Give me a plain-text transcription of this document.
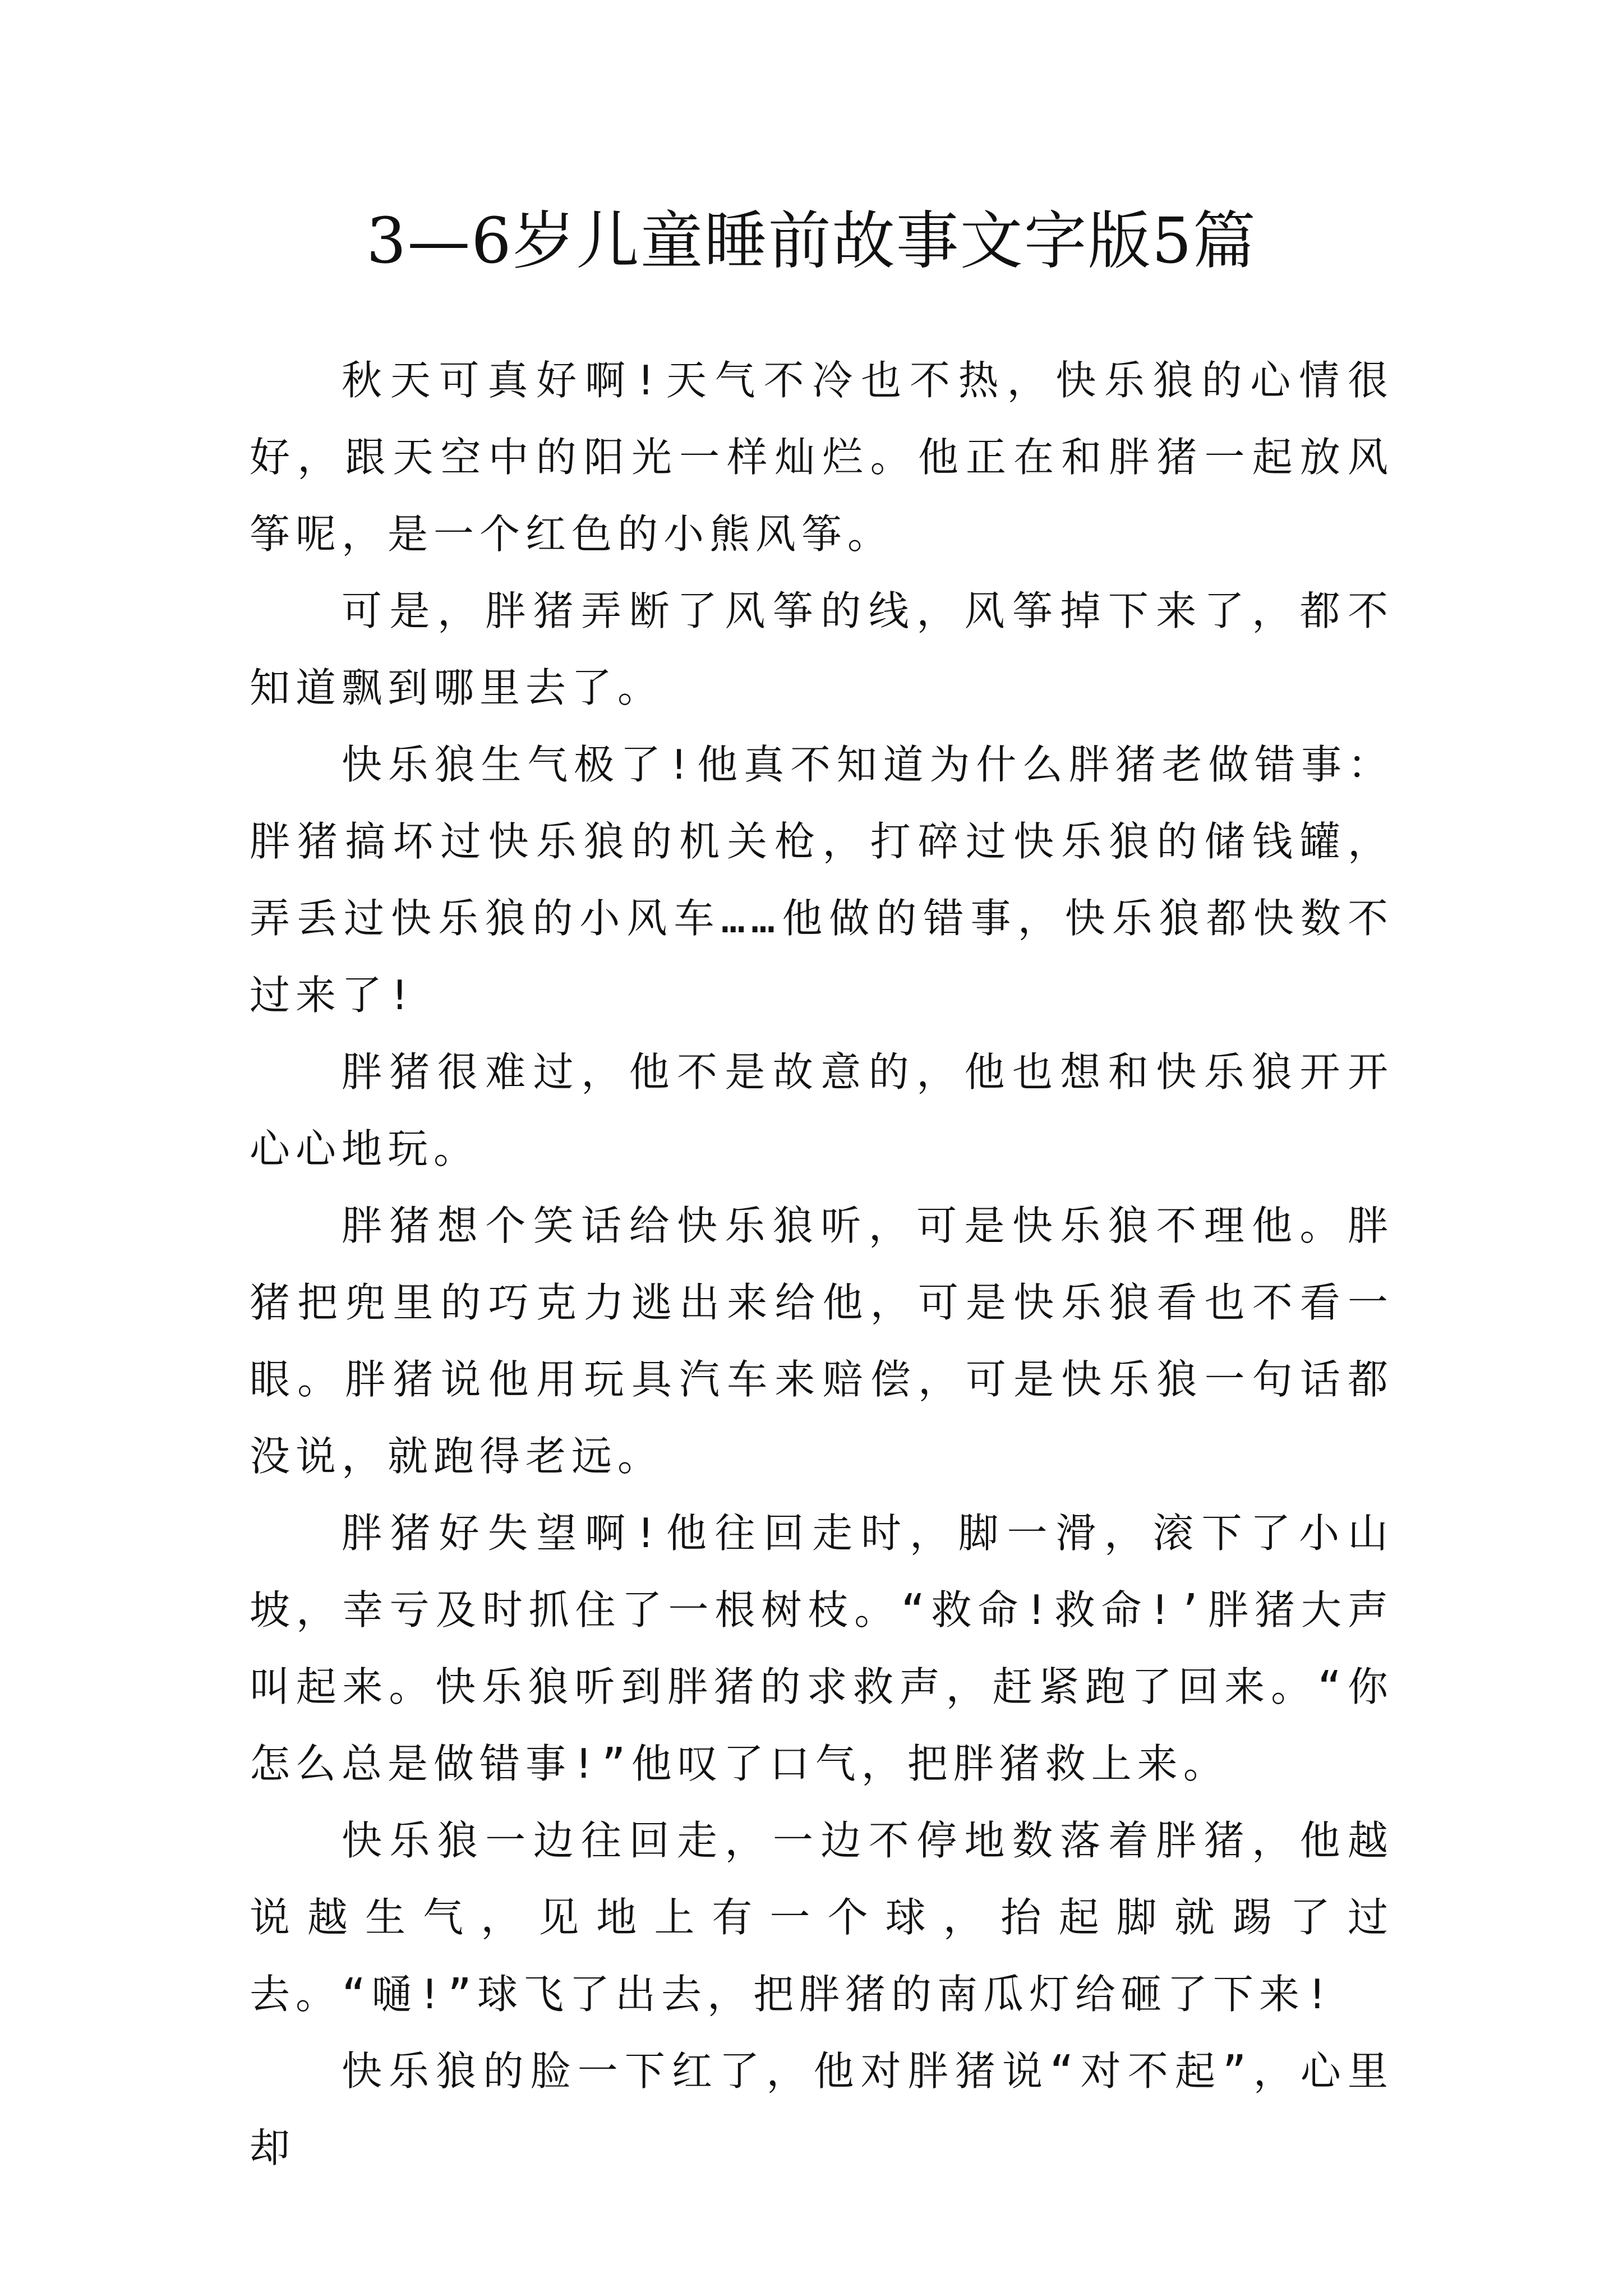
3—6岁儿童睡前故事文字版5篇

秋天可真好啊!天气不冷也不热，快乐狼的心情很好，跟天空中的阳光一样灿烂。他正在和胖猪一起放风筝呢，是一个红色的小熊风筝。

可是，胖猪弄断了风筝的线，风筝掉下来了，都不知道飘到哪里去了。

快乐狼生气极了!他真不知道为什么胖猪老做错事：胖猪搞坏过快乐狼的机关枪，打碎过快乐狼的储钱罐，弄丢过快乐狼的小风车……他做的错事，快乐狼都快数不过来了!

胖猪很难过，他不是故意的，他也想和快乐狼开开心心地玩。

胖猪想个笑话给快乐狼听，可是快乐狼不理他。胖猪把兜里的巧克力逃出来给他，可是快乐狼看也不看一眼。胖猪说他用玩具汽车来赔偿，可是快乐狼一句话都没说，就跑得老远。

胖猪好失望啊!他往回走时，脚一滑，滚下了小山坡，幸亏及时抓住了一根树枝。“救命!救命!’胖猪大声叫起来。快乐狼听到胖猪的求救声，赶紧跑了回来。“你怎么总是做错事!”他叹了口气，把胖猪救上来。

快乐狼一边往回走，一边不停地数落着胖猪，他越说越生气，见地上有一个球，抬起脚就踢了过去。“嗵!”球飞了出去，把胖猪的南瓜灯给砸了下来!

快乐狼的脸一下红了，他对胖猪说“对不起”，心里却
